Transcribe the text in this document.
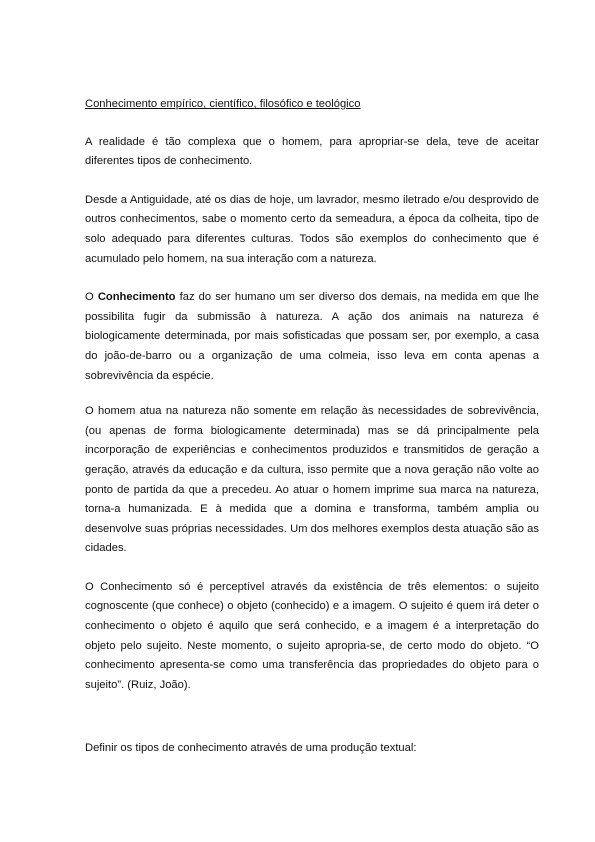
Conhecimento empírico, científico, filosófico e teológico

A realidade é tão complexa que o homem, para apropriar-se dela, teve de aceitar diferentes tipos de conhecimento.

Desde a Antiguidade, até os dias de hoje, um lavrador, mesmo iletrado e/ou desprovido de outros conhecimentos, sabe o momento certo da semeadura, a época da colheita, tipo de solo adequado para diferentes culturas. Todos são exemplos do conhecimento que é acumulado pelo homem, na sua interação com a natureza.

O Conhecimento faz do ser humano um ser diverso dos demais, na medida em que lhe possibilita fugir da submissão à natureza. A ação dos animais na natureza é biologicamente determinada, por mais sofisticadas que possam ser, por exemplo, a casa do joão-de-barro ou a organização de uma colmeia, isso leva em conta apenas a sobrevivência da espécie.

O homem atua na natureza não somente em relação às necessidades de sobrevivência, (ou apenas de forma biologicamente determinada) mas se dá principalmente pela incorporação de experiências e conhecimentos produzidos e transmitidos de geração a geração, através da educação e da cultura, isso permite que a nova geração não volte ao ponto de partida da que a precedeu. Ao atuar o homem imprime sua marca na natureza, torna-a humanizada. E à medida que a domina e transforma, também amplia ou desenvolve suas próprias necessidades. Um dos melhores exemplos desta atuação são as cidades.

O Conhecimento só é perceptível através da existência de três elementos: o sujeito cognoscente (que conhece) o objeto (conhecido) e a imagem. O sujeito é quem irá deter o conhecimento o objeto é aquilo que será conhecido, e a imagem é a interpretação do objeto pelo sujeito. Neste momento, o sujeito apropria-se, de certo modo do objeto. “O conhecimento apresenta-se como uma transferência das propriedades do objeto para o sujeito”. (Ruiz, João).

Definir os tipos de conhecimento através de uma produção textual:
